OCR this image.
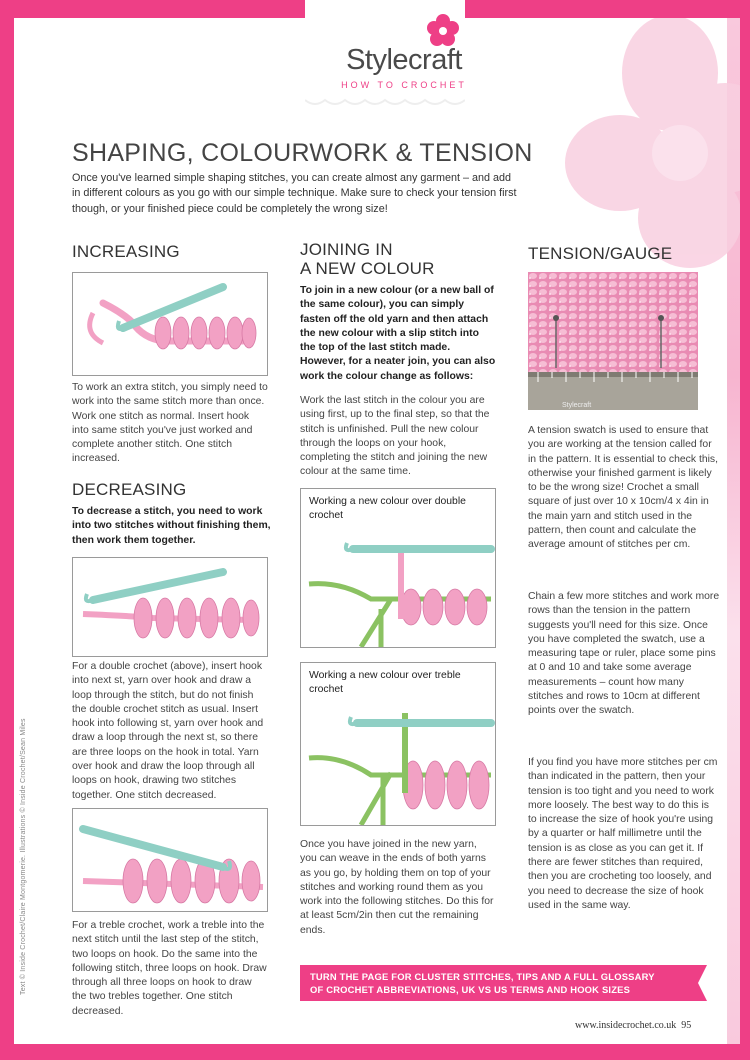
Stylecraft
HOW TO CROCHET
SHAPING, COLOURWORK & TENSION
Once you've learned simple shaping stitches, you can create almost any garment – and add in different colours as you go with our simple technique. Make sure to check your tension first though, or your finished piece could be completely the wrong size!
INCREASING
To work an extra stitch, you simply need to work into the same stitch more than once. Work one stitch as normal. Insert hook into same stitch you've just worked and complete another stitch. One stitch increased.
DECREASING
To decrease a stitch, you need to work into two stitches without finishing them, then work them together.
For a double crochet (above), insert hook into next st, yarn over hook and draw a loop through the stitch, but do not finish the double crochet stitch as usual. Insert hook into following st, yarn over hook and draw a loop through the next st, so there are three loops on the hook in total. Yarn over hook and draw the loop through all loops on hook, drawing two stitches together. One stitch decreased.
For a treble crochet, work a treble into the next stitch until the last step of the stitch, two loops on hook. Do the same into the following stitch, three loops on hook. Draw through all three loops on hook to draw the two trebles together. One stitch decreased.
JOINING IN
A NEW COLOUR
To join in a new colour (or a new ball of the same colour), you can simply fasten off the old yarn and then attach the new colour with a slip stitch into the top of the last stitch made. However, for a neater join, you can also work the colour change as follows:
Work the last stitch in the colour you are using first, up to the final step, so that the stitch is unfinished. Pull the new colour through the loops on your hook, completing the stitch and joining the new colour at the same time.
Working a new colour over double crochet
Working a new colour over treble crochet
Once you have joined in the new yarn, you can weave in the ends of both yarns as you go, by holding them on top of your stitches and working round them as you work into the following stitches. Do this for at least 5cm/2in then cut the remaining ends.
TENSION/GAUGE
Stylecraft
A tension swatch is used to ensure that you are working at the tension called for in the pattern. It is essential to check this, otherwise your finished garment is likely to be the wrong size! Crochet a small square of just over 10 x 10cm/4 x 4in in the main yarn and stitch used in the pattern, then count and calculate the average amount of stitches per cm.
Chain a few more stitches and work more rows than the tension in the pattern suggests you'll need for this size. Once you have completed the swatch, use a measuring tape or ruler, place some pins at 0 and 10 and take some average measurements – count how many stitches and rows to 10cm at different points over the swatch.
If you find you have more stitches per cm than indicated in the pattern, then your tension is too tight and you need to work more loosely. The best way to do this is to increase the size of hook you're using by a quarter or half millimetre until the tension is as close as you can get it. If there are fewer stitches than required, then you are crocheting too loosely, and you need to decrease the size of hook used in the same way.
Text © Inside Crochet/Claire Montgomerie. Illustrations © Inside Crochet/Sean Miles	TURN THE PAGE FOR CLUSTER STITCHES, TIPS AND A FULL GLOSSARY
OF CROCHET ABBREVIATIONS, UK VS US TERMS AND HOOK SIZES
www.insidecrochet.co.uk 95
